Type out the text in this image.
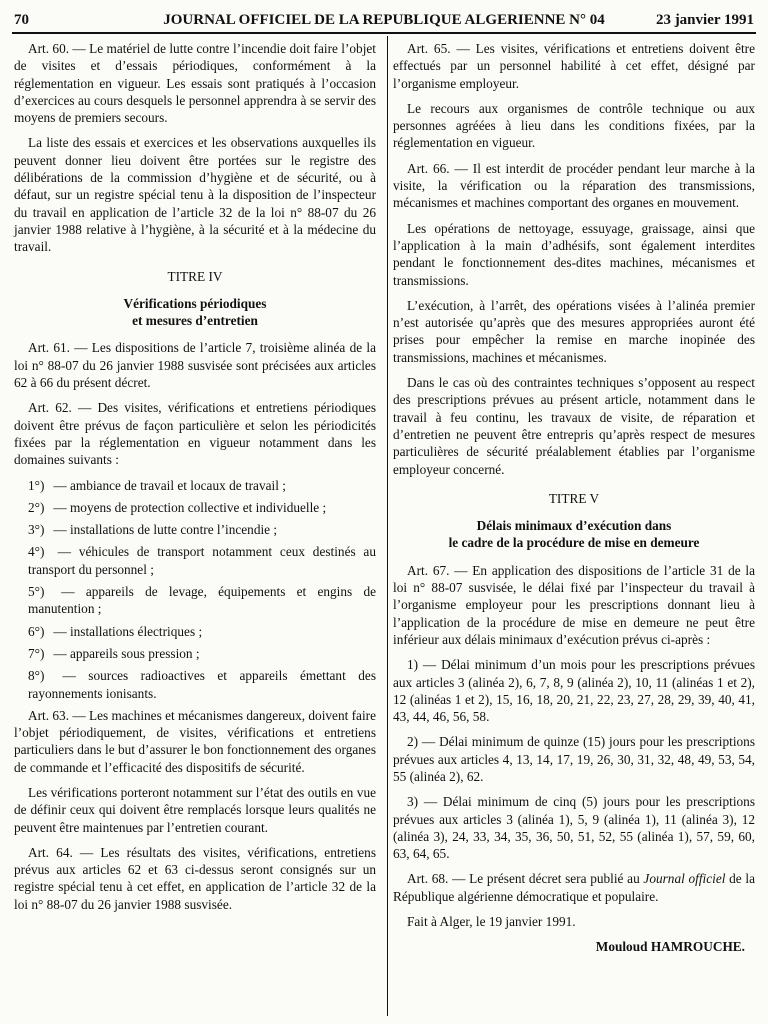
70	JOURNAL OFFICIEL DE LA REPUBLIQUE ALGERIENNE N° 04	23 janvier 1991

Art. 60. — Le matériel de lutte contre l’incendie doit faire l’objet de visites et d’essais périodiques, conformément à la réglementation en vigueur. Les essais sont pratiqués à l’occasion d’exercices au cours desquels le personnel apprendra à se servir des moyens de premiers secours.

La liste des essais et exercices et les observations auxquelles ils peuvent donner lieu doivent être portées sur le registre des délibérations de la commission d’hygiène et de sécurité, ou à défaut, sur un registre spécial tenu à la disposition de l’inspecteur du travail en application de l’article 32 de la loi n° 88-07 du 26 janvier 1988 relative à l’hygiène, à la sécurité et à la médecine du travail.

TITRE IV

Vérifications périodiques

et mesures d’entretien

Art. 61. — Les dispositions de l’article 7, troisième alinéa de la loi n° 88-07 du 26 janvier 1988 susvisée sont précisées aux articles 62 à 66 du présent décret.

Art. 62. — Des visites, vérifications et entretiens périodiques doivent être prévus de façon particulière et selon les périodicités fixées par la réglementation en vigueur notamment dans les domaines suivants :

1°) — ambiance de travail et locaux de travail ;

2°) — moyens de protection collective et individuelle ;

3°) — installations de lutte contre l’incendie ;

4°) — véhicules de transport notamment ceux destinés au transport du personnel ;

5°) — appareils de levage, équipements et engins de manutention ;

6°) — installations électriques ;

7°) — appareils sous pression ;

8°) — sources radioactives et appareils émettant des rayonnements ionisants.

Art. 63. — Les machines et mécanismes dangereux, doivent faire l’objet périodiquement, de visites, vérifications et entretiens particuliers dans le but d’assurer le bon fonctionnement des organes de commande et l’efficacité des dispositifs de sécurité.

Les vérifications porteront notamment sur l’état des outils en vue de définir ceux qui doivent être remplacés lorsque leurs qualités ne peuvent être maintenues par l’entretien courant.

Art. 64. — Les résultats des visites, vérifications, entretiens prévus aux articles 62 et 63 ci-dessus seront consignés sur un registre spécial tenu à cet effet, en application de l’article 32 de la loi n° 88-07 du 26 janvier 1988 susvisée.

Art. 65. — Les visites, vérifications et entretiens doivent être effectués par un personnel habilité à cet effet, désigné par l’organisme employeur.

Le recours aux organismes de contrôle technique ou aux personnes agréées à lieu dans les conditions fixées, par la réglementation en vigueur.

Art. 66. — Il est interdit de procéder pendant leur marche à la visite, la vérification ou la réparation des transmissions, mécanismes et machines comportant des organes en mouvement.

Les opérations de nettoyage, essuyage, graissage, ainsi que l’application à la main d’adhésifs, sont également interdites pendant le fonctionnement des-dites machines, mécanismes et transmissions.

L’exécution, à l’arrêt, des opérations visées à l’alinéa premier n’est autorisée qu’après que des mesures appropriées auront été prises pour empêcher la remise en marche inopinée des transmissions, machines et mécanismes.

Dans le cas où des contraintes techniques s’opposent au respect des prescriptions prévues au présent article, notamment dans le travail à feu continu, les travaux de visite, de réparation et d’entretien ne peuvent être entrepris qu’après respect de mesures particulières de sécurité préalablement établies par l’organisme employeur concerné.

TITRE V

Délais minimaux d’exécution dans

le cadre de la procédure de mise en demeure

Art. 67. — En application des dispositions de l’article 31 de la loi n° 88-07 susvisée, le délai fixé par l’inspecteur du travail à l’organisme employeur pour les prescriptions donnant lieu à l’application de la procédure de mise en demeure ne peut être inférieur aux délais minimaux d’exécution prévus ci-après :

1) — Délai minimum d’un mois pour les prescriptions prévues aux articles 3 (alinéa 2), 6, 7, 8, 9 (alinéa 2), 10, 11 (alinéas 1 et 2), 12 (alinéas 1 et 2), 15, 16, 18, 20, 21, 22, 23, 27, 28, 29, 39, 40, 41, 43, 44, 46, 56, 58.

2) — Délai minimum de quinze (15) jours pour les prescriptions prévues aux articles 4, 13, 14, 17, 19, 26, 30, 31, 32, 48, 49, 53, 54, 55 (alinéa 2), 62.

3) — Délai minimum de cinq (5) jours pour les prescriptions prévues aux articles 3 (alinéa 1), 5, 9 (alinéa 1), 11 (alinéa 3), 12 (alinéa 3), 24, 33, 34, 35, 36, 50, 51, 52, 55 (alinéa 1), 57, 59, 60, 63, 64, 65.

Art. 68. — Le présent décret sera publié au Journal officiel de la République algérienne démocratique et populaire.

Fait à Alger, le 19 janvier 1991.

Mouloud HAMROUCHE.
